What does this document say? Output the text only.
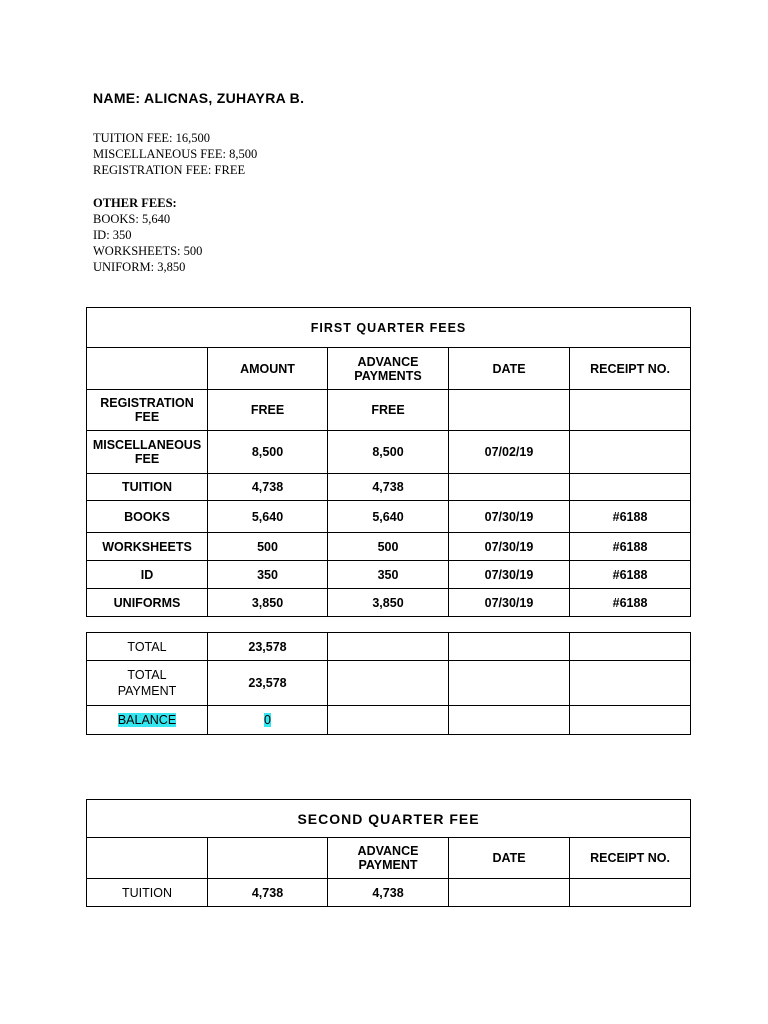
NAME: ALICNAS, ZUHAYRA B.
TUITION FEE: 16,500
MISCELLANEOUS FEE: 8,500
REGISTRATION FEE: FREE
OTHER FEES:
BOOKS: 5,640
ID: 350
WORKSHEETS: 500
UNIFORM: 3,850
FIRST QUARTER FEES				
	AMOUNT	ADVANCE PAYMENTS	DATE	RECEIPT NO.
REGISTRATION FEE	FREE	FREE		
MISCELLANEOUS FEE	8,500	8,500	07/02/19	
TUITION	4,738	4,738		
BOOKS	5,640	5,640	07/30/19	#6188
WORKSHEETS	500	500	07/30/19	#6188
ID	350	350	07/30/19	#6188
UNIFORMS	3,850	3,850	07/30/19	#6188
TOTAL	23,578			
TOTAL PAYMENT	23,578			
BALANCE	0			
SECOND QUARTER FEE				
		ADVANCE PAYMENT	DATE	RECEIPT NO.
TUITION	4,738	4,738		
